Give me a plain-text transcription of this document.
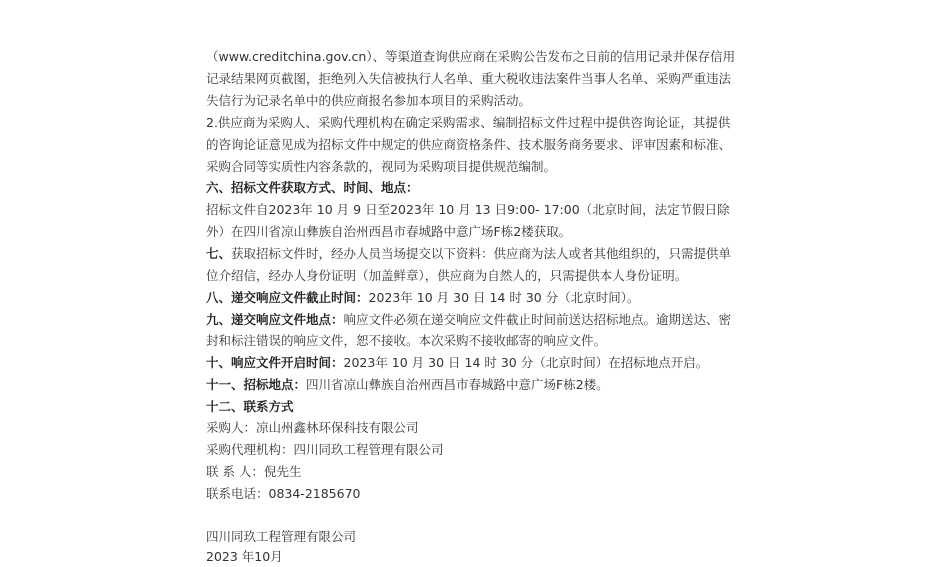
（www.creditchina.gov.cn）、等渠道查询供应商在采购公告发布之日前的信用记录并保存信用
记录结果网页截图，拒绝列入失信被执行人名单、重大税收违法案件当事人名单、采购严重违法
失信行为记录名单中的供应商报名参加本项目的采购活动。
2.供应商为采购人、采购代理机构在确定采购需求、编制招标文件过程中提供咨询论证，其提供
的咨询论证意见成为招标文件中规定的供应商资格条件、技术服务商务要求、评审因素和标准、
采购合同等实质性内容条款的，视同为采购项目提供规范编制。
六、招标文件获取方式、时间、地点：
招标文件自2023年 10 月 9 日至2023年 10 月 13 日9:00- 17:00（北京时间，法定节假日除
外）在四川省凉山彝族自治州西昌市春城路中意广场F栋2楼获取。
七、获取招标文件时，经办人员当场提交以下资料：供应商为法人或者其他组织的，只需提供单
位介绍信，经办人身份证明（加盖鲜章），供应商为自然人的，只需提供本人身份证明。
八、递交响应文件截止时间：2023年 10 月 30 日 14 时 30 分（北京时间）。
九、递交响应文件地点：响应文件必须在递交响应文件截止时间前送达招标地点。逾期送达、密
封和标注错误的响应文件，恕不接收。本次采购不接收邮寄的响应文件。
十、响应文件开启时间：2023年 10 月 30 日 14 时 30 分（北京时间）在招标地点开启。
十一、招标地点：四川省凉山彝族自治州西昌市春城路中意广场F栋2楼。
十二、联系方式
采购人：凉山州鑫林环保科技有限公司
采购代理机构：四川同玖工程管理有限公司
联 系 人：倪先生
联系电话：0834-2185670
四川同玖工程管理有限公司
2023 年10月
